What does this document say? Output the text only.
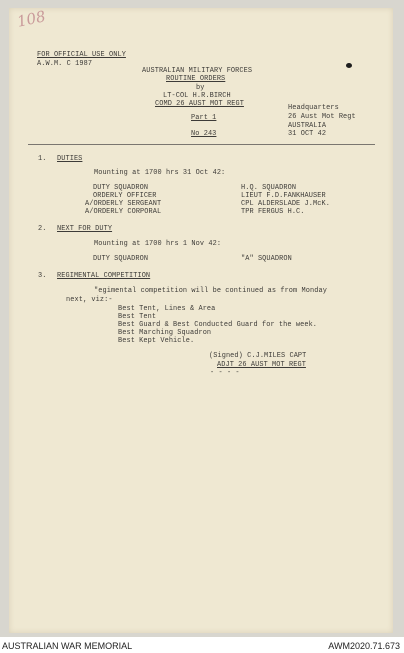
108
FOR OFFICIAL USE ONLY
A.W.M. C 1987
AUSTRALIAN MILITARY FORCES
ROUTINE ORDERS
by
LT-COL H.R.BIRCH
COMD 26 AUST MOT REGT
Part 1
No 243
Headquarters
26 Aust Mot Regt
AUSTRALIA
31 OCT 42
1. DUTIES
Mounting at 1700 hrs 31 Oct 42:
DUTY SQUADRON
ORDERLY OFFICER
A/ORDERLY SERGEANT
A/ORDERLY CORPORAL
H.Q. SQUADRON
LIEUT F.D.FANKHAUSER
CPL ALDERSLADE J.McK.
TPR FERGUS H.C.
2. NEXT FOR DUTY
Mounting at 1700 hrs 1 Nov 42:
DUTY SQUADRON	"A" SQUADRON
3. REGIMENTAL COMPETITION
"egimental competition will be continued as from Monday
next, viz:-
Best Tent, Lines & Area
Best Tent
Best Guard & Best Conducted Guard for the week.
Best Marching Squadron
Best Kept Vehicle.
(Signed) C.J.MILES CAPT
ADJT 26 AUST MOT REGT
- - - -
AUSTRALIAN WAR MEMORIAL	AWM2020.71.673
